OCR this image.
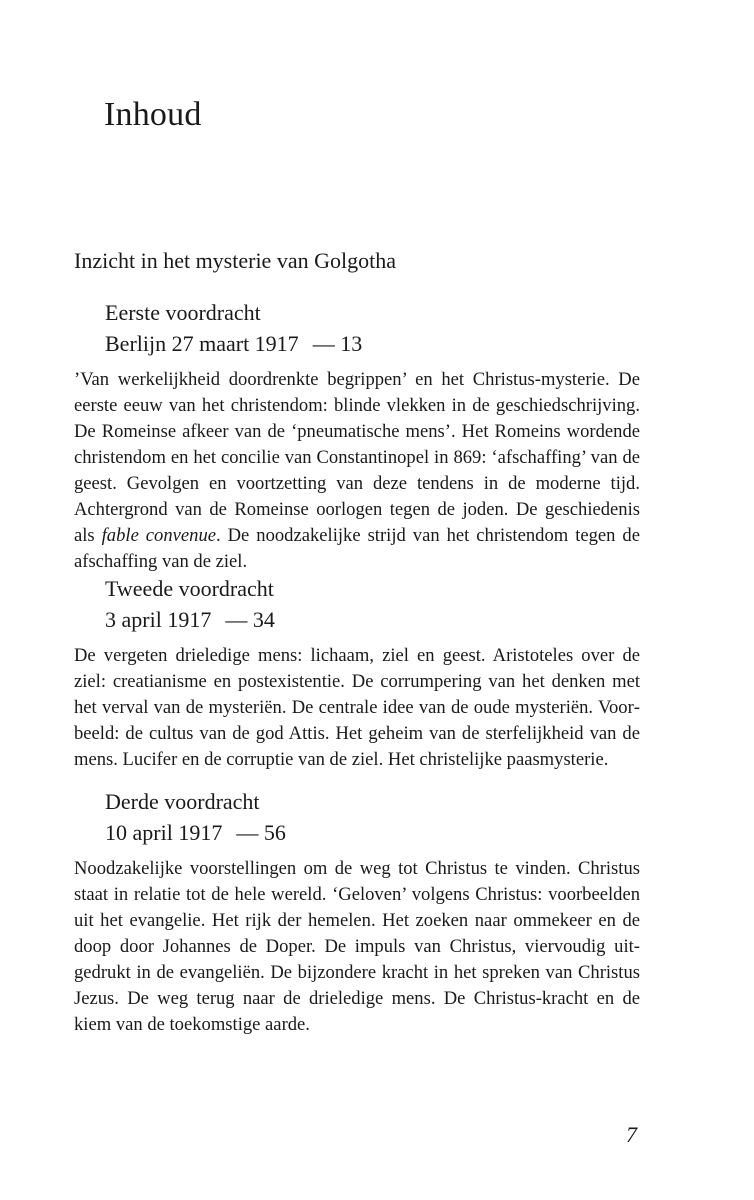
Inhoud
Inzicht in het mysterie van Golgotha
Eerste voordracht
Berlijn 27 maart 1917 — 13

’Van werkelijkheid doordrenkte begrippen’ en het Christus-mysterie. De eerste eeuw van het christendom: blinde vlekken in de geschiedschrijving. De Romeinse afkeer van de ‘pneumatische mens’. Het Romeins wordende christendom en het concilie van Constantinopel in 869: ‘afschaffing’ van de geest. Gevolgen en voortzetting van deze tendens in de moderne tijd. Achtergrond van de Romeinse oorlogen tegen de joden. De geschiedenis als fable convenue. De noodzakelijke strijd van het christendom tegen de afschaffing van de ziel.

Tweede voordracht
3 april 1917 — 34

De vergeten drieledige mens: lichaam, ziel en geest. Aristoteles over de ziel: creatianisme en postexistentie. De corrumpering van het denken met het verval van de mysteriën. De centrale idee van de oude mysteriën. Voorbeeld: de cultus van de god Attis. Het geheim van de sterfelijkheid van de mens. Lucifer en de corruptie van de ziel. Het christelijke paasmysterie.

Derde voordracht
10 april 1917 — 56

Noodzakelijke voorstellingen om de weg tot Christus te vinden. Christus staat in relatie tot de hele wereld. ‘Geloven’ volgens Christus: voorbeelden uit het evangelie. Het rijk der hemelen. Het zoeken naar ommekeer en de doop door Johannes de Doper. De impuls van Christus, viervoudig uitgedrukt in de evangeliën. De bijzondere kracht in het spreken van Christus Jezus. De weg terug naar de drieledige mens. De Christus-kracht en de kiem van de toekomstige aarde.

7
